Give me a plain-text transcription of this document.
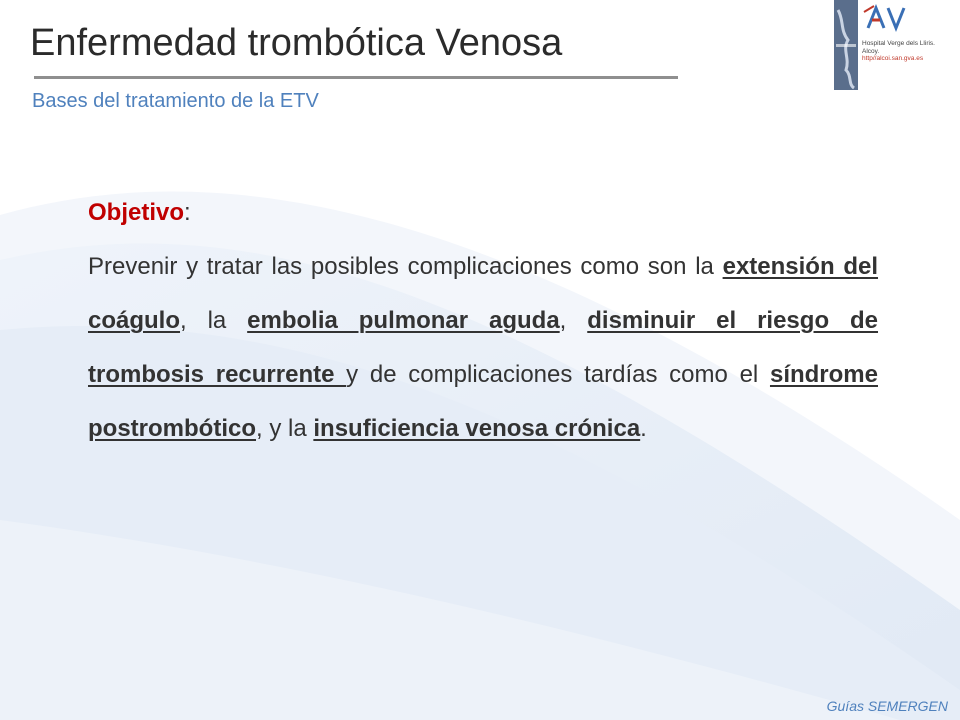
Enfermedad trombótica Venosa
Bases del tratamiento de la ETV
Hospital Verge dels Lliris.
Alcoy.
http//alcoi.san.gva.es
Objetivo:
Prevenir y tratar las posibles complicaciones como son la extensión del coágulo, la embolia pulmonar aguda, disminuir el riesgo de trombosis recurrente y de complicaciones tardías como el síndrome postrombótico, y la insuficiencia venosa crónica.
Guías SEMERGEN
